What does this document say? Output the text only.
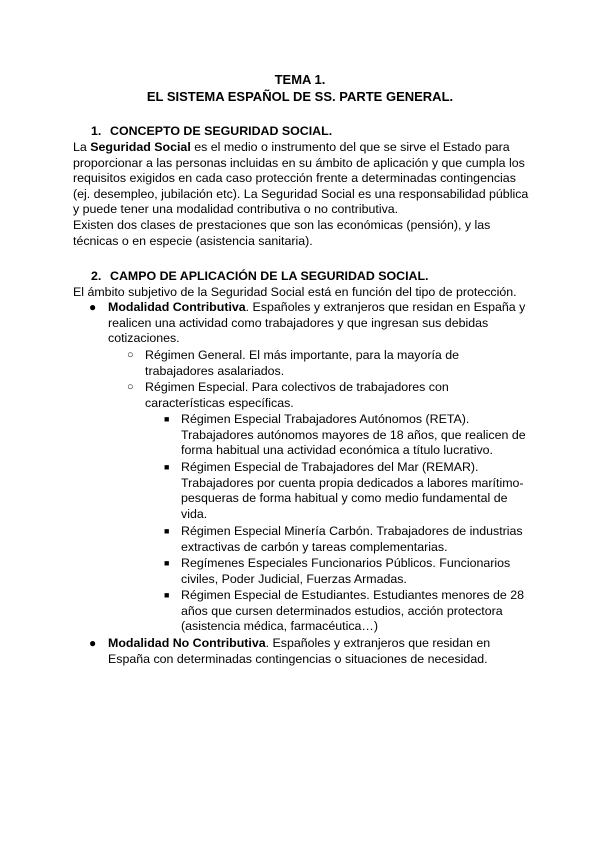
TEMA 1.
EL SISTEMA ESPAÑOL DE SS. PARTE GENERAL.
1. CONCEPTO DE SEGURIDAD SOCIAL.

La Seguridad Social es el medio o instrumento del que se sirve el Estado para proporcionar a las personas incluidas en su ámbito de aplicación y que cumpla los requisitos exigidos en cada caso protección frente a determinadas contingencias (ej. desempleo, jubilación etc). La Seguridad Social es una responsabilidad pública y puede tener una modalidad contributiva o no contributiva.

Existen dos clases de prestaciones que son las económicas (pensión), y las técnicas o en especie (asistencia sanitaria).

2. CAMPO DE APLICACIÓN DE LA SEGURIDAD SOCIAL.
El ámbito subjetivo de la Seguridad Social está en función del tipo de protección.
● Modalidad Contributiva. Españoles y extranjeros que residan en España y realicen una actividad como trabajadores y que ingresan sus debidas cotizaciones.
○ Régimen General. El más importante, para la mayoría de trabajadores asalariados.
○ Régimen Especial. Para colectivos de trabajadores con características específicas.
■ Régimen Especial Trabajadores Autónomos (RETA). Trabajadores autónomos mayores de 18 años, que realicen de forma habitual una actividad económica a título lucrativo.
■ Régimen Especial de Trabajadores del Mar (REMAR). Trabajadores por cuenta propia dedicados a labores marítimo-pesqueras de forma habitual y como medio fundamental de vida.
■ Régimen Especial Minería Carbón. Trabajadores de industrias extractivas de carbón y tareas complementarias.
■ Regímenes Especiales Funcionarios Públicos. Funcionarios civiles, Poder Judicial, Fuerzas Armadas.
■ Régimen Especial de Estudiantes. Estudiantes menores de 28 años que cursen determinados estudios, acción protectora (asistencia médica, farmacéutica…)
● Modalidad No Contributiva. Españoles y extranjeros que residan en España con determinadas contingencias o situaciones de necesidad.
